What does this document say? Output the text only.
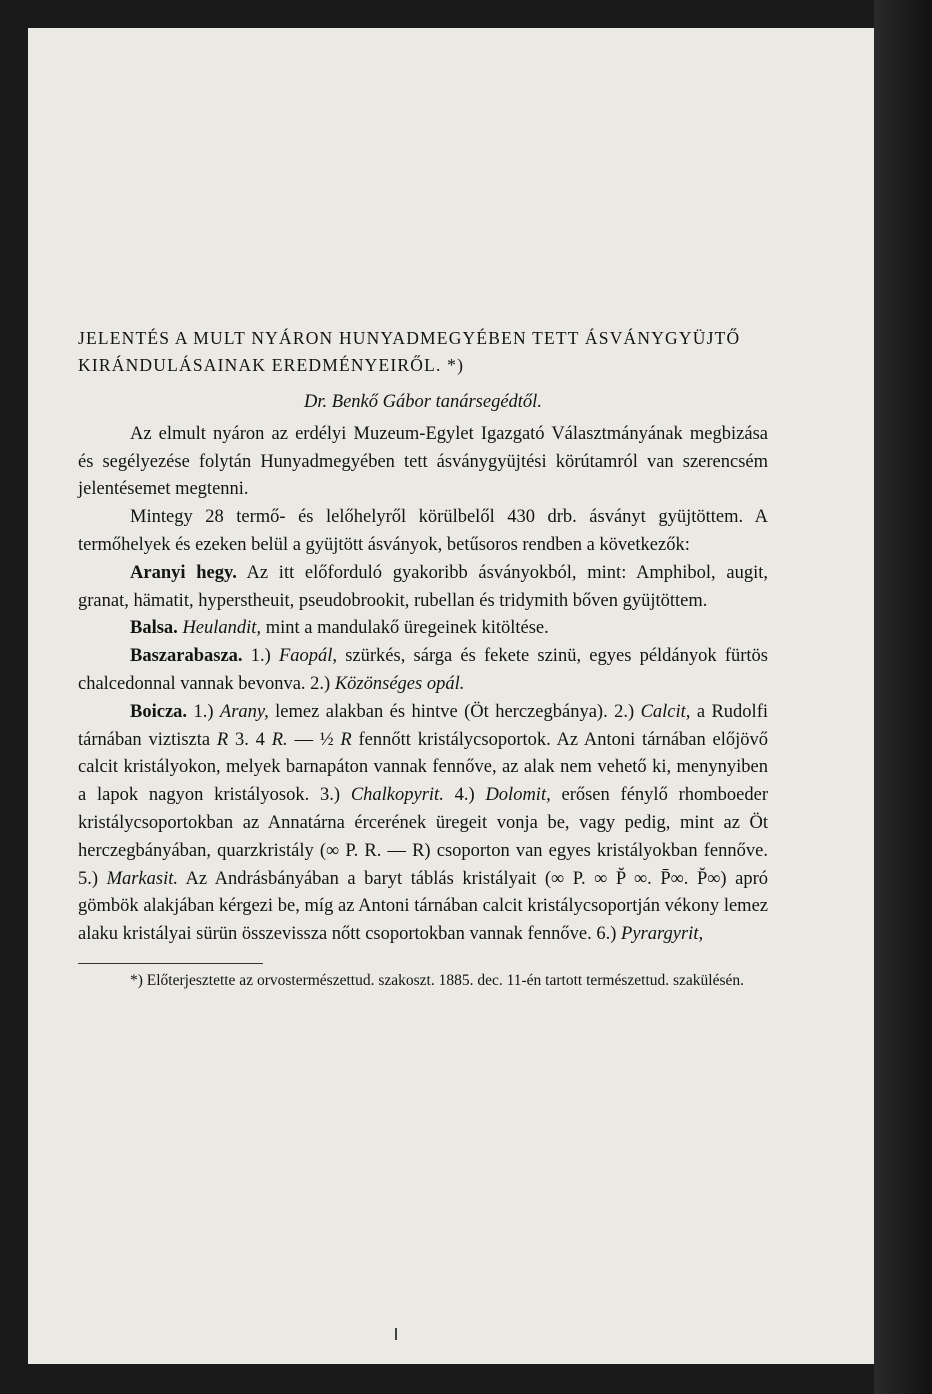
JELENTÉS A MULT NYÁRON HUNYADMEGYÉBEN TETT ÁSVÁNYGYÜJTŐ KIRÁNDULÁSAINAK EREDMÉNYEIRŐL. *)
Dr. Benkő Gábor tanársegédtől.

Az elmult nyáron az erdélyi Muzeum-Egylet Igazgató Választmányának megbizása és segélyezése folytán Hunyadmegyében tett ásványgyüjtési körútamról van szerencsém jelentésemet megtenni.

Mintegy 28 termő- és lelőhelyről körülbelől 430 drb. ásványt gyüjtöttem. A termőhelyek és ezeken belül a gyüjtött ásványok, betűsoros rendben a következők:

Aranyi hegy. Az itt előforduló gyakoribb ásványokból, mint: Amphibol, augit, granat, hämatit, hyperstheuit, pseudobrookit, rubellan és tridymith bőven gyüjtöttem.

Balsa. Heulandit, mint a mandulakő üregeinek kitöltése.

Baszarabasza. 1.) Faopál, szürkés, sárga és fekete szinü, egyes példányok fürtös chalcedonnal vannak bevonva. 2.) Közönséges opál.

Boicza. 1.) Arany, lemez alakban és hintve (Öt herczegbánya). 2.) Calcit, a Rudolfi tárnában viztiszta R 3. 4 R. — ½ R fennőtt kristálycsoportok. Az Antoni tárnában előjövő calcit kristályokon, melyek barnapáton vannak fennőve, az alak nem vehető ki, menynyiben a lapok nagyon kristályosok. 3.) Chalkopyrit. 4.) Dolomit, erősen fénylő rhomboeder kristálycsoportokban az Annatárna ércerének üregeit vonja be, vagy pedig, mint az Öt herczegbányában, quarzkristály (∞ P. R. — R) csoporton van egyes kristályokban fennőve. 5.) Markasit. Az Andrásbányában a baryt táblás kristályait (∞ P. ∞ P̆ ∞. P̄∞. P̆∞) apró gömbök alakjában kérgezi be, míg az Antoni tárnában calcit kristálycsoportján vékony lemez alaku kristályai sürün összevissza nőtt csoportokban vannak fennőve. 6.) Pyrargyrit,

*) Előterjesztette az orvostermészettud. szakoszt. 1885. dec. 11-én tartott természettud. szakülésén.
